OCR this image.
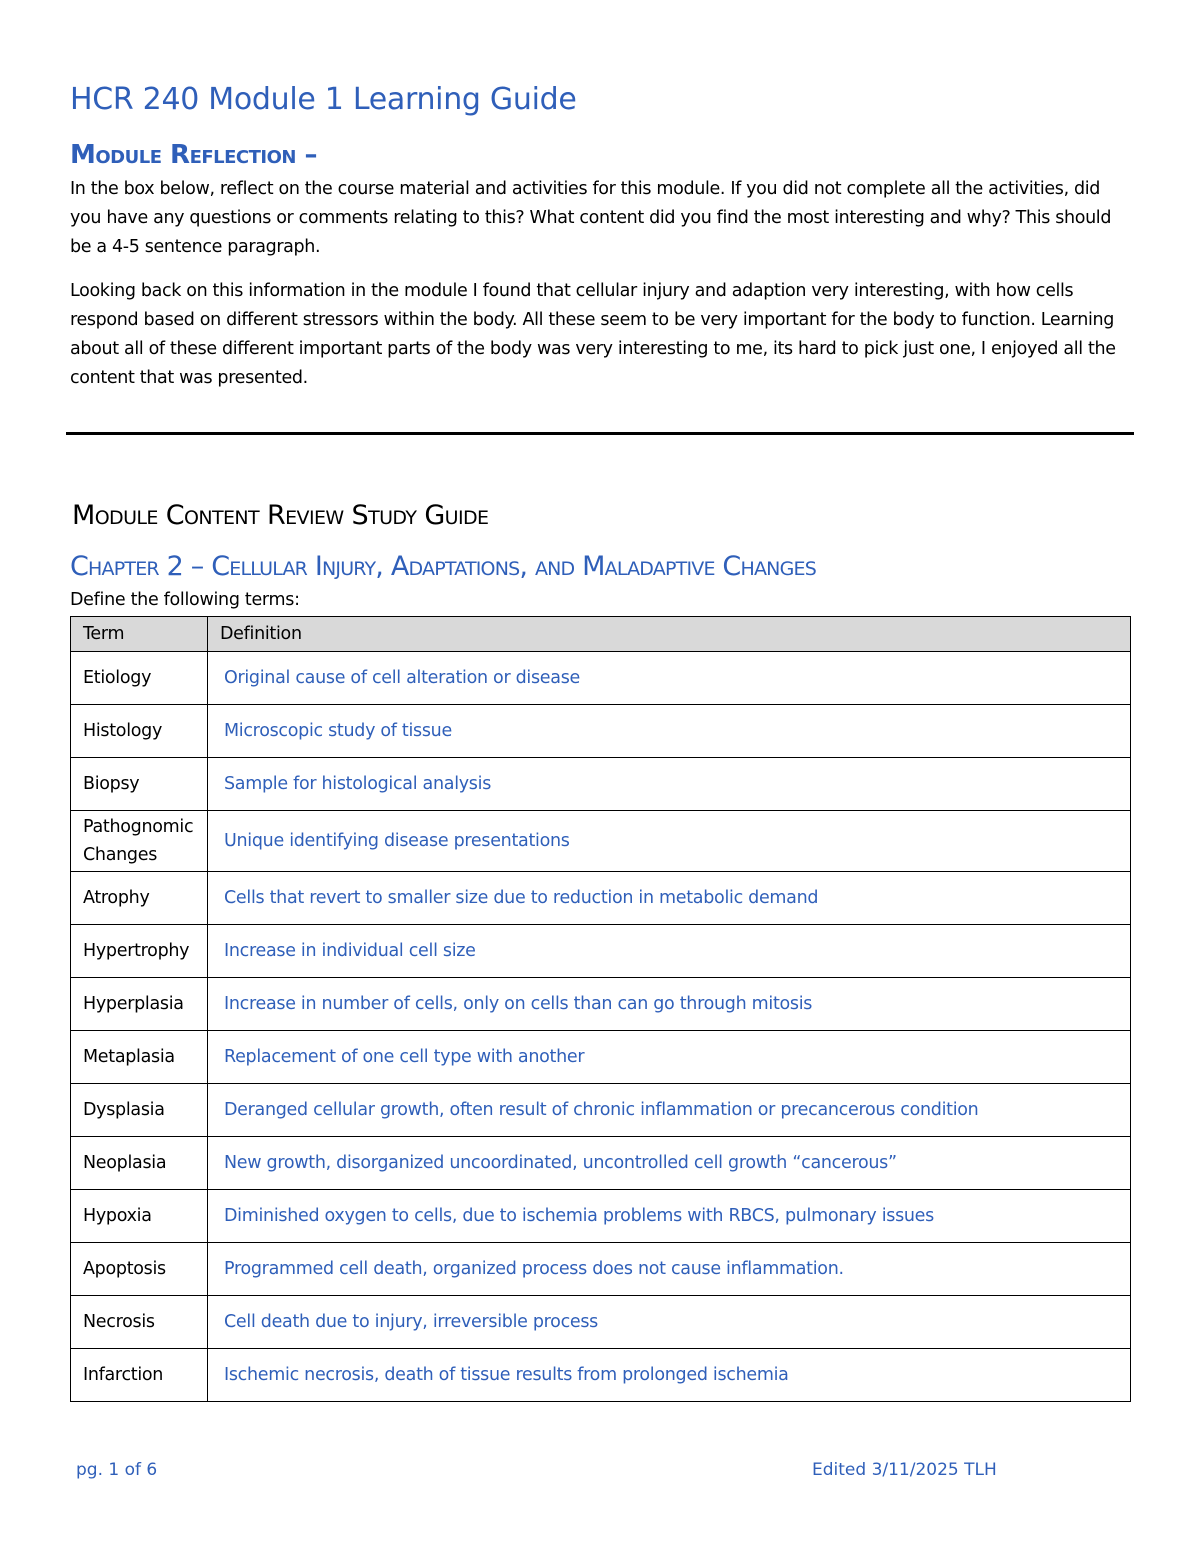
HCR 240 Module 1 Learning Guide
Module Reflection –
In the box below, reflect on the course material and activities for this module. If you did not complete all the activities, did you have any questions or comments relating to this? What content did you find the most interesting and why? This should be a 4-5 sentence paragraph.
Looking back on this information in the module I found that cellular injury and adaption very interesting, with how cells respond based on different stressors within the body. All these seem to be very important for the body to function. Learning about all of these different important parts of the body was very interesting to me, its hard to pick just one, I enjoyed all the content that was presented.
Module Content Review Study Guide
Chapter 2 – Cellular Injury, Adaptations, and Maladaptive Changes
Define the following terms:
Term	Definition
Etiology	Original cause of cell alteration or disease
Histology	Microscopic study of tissue
Biopsy	Sample for histological analysis
Pathognomic Changes	Unique identifying disease presentations
Atrophy	Cells that revert to smaller size due to reduction in metabolic demand
Hypertrophy	Increase in individual cell size
Hyperplasia	Increase in number of cells, only on cells than can go through mitosis
Metaplasia	Replacement of one cell type with another
Dysplasia	Deranged cellular growth, often result of chronic inflammation or precancerous condition
Neoplasia	New growth, disorganized uncoordinated, uncontrolled cell growth “cancerous”
Hypoxia	Diminished oxygen to cells, due to ischemia problems with RBCS, pulmonary issues
Apoptosis	Programmed cell death, organized process does not cause inflammation.
Necrosis	Cell death due to injury, irreversible process
Infarction	Ischemic necrosis, death of tissue results from prolonged ischemia
pg. 1 of 6	Edited 3/11/2025 TLH
